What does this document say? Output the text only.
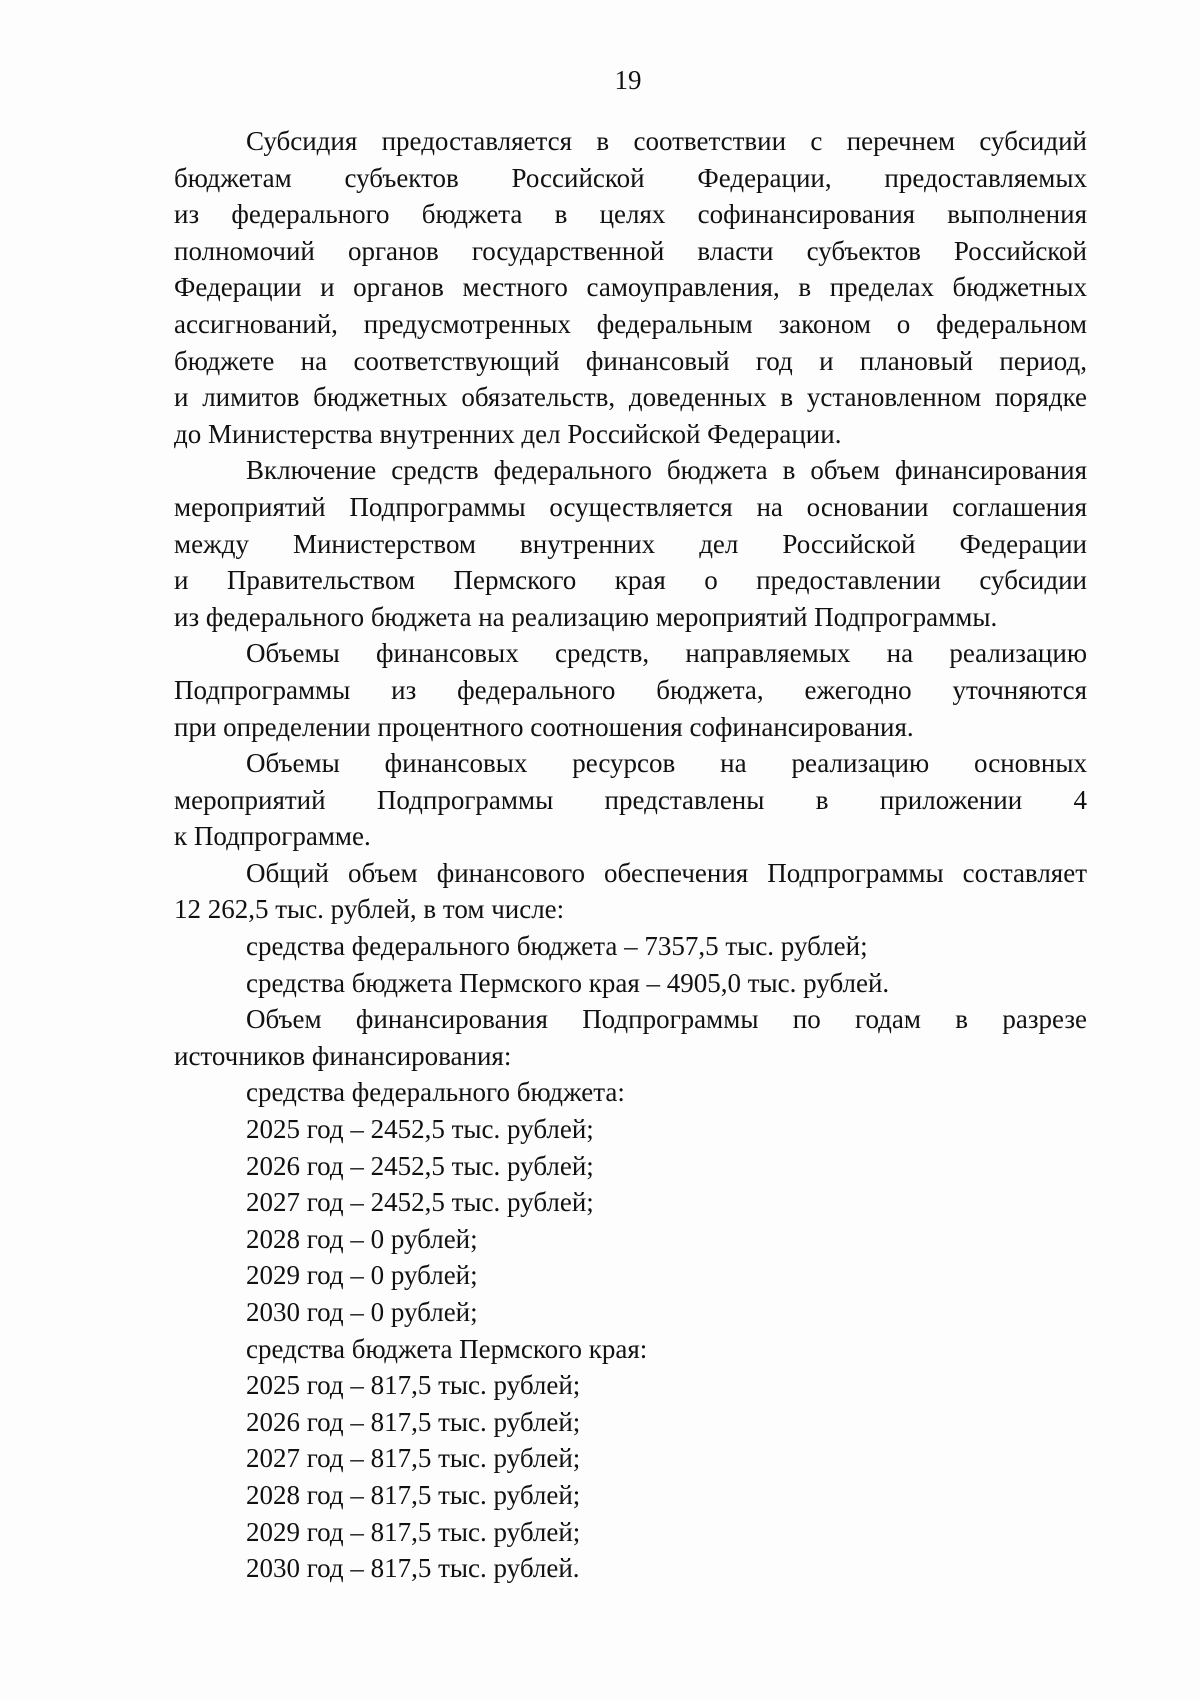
19
Субсидия предоставляется в соответствии с перечнем субсидий
бюджетам субъектов Российской Федерации, предоставляемых
из федерального бюджета в целях софинансирования выполнения
полномочий органов государственной власти субъектов Российской
Федерации и органов местного самоуправления, в пределах бюджетных
ассигнований, предусмотренных федеральным законом о федеральном
бюджете на соответствующий финансовый год и плановый период,
и лимитов бюджетных обязательств, доведенных в установленном порядке
до Министерства внутренних дел Российской Федерации.
Включение средств федерального бюджета в объем финансирования
мероприятий Подпрограммы осуществляется на основании соглашения
между Министерством внутренних дел Российской Федерации
и Правительством Пермского края о предоставлении субсидии
из федерального бюджета на реализацию мероприятий Подпрограммы.
Объемы финансовых средств, направляемых на реализацию
Подпрограммы из федерального бюджета, ежегодно уточняются
при определении процентного соотношения софинансирования.
Объемы финансовых ресурсов на реализацию основных
мероприятий Подпрограммы представлены в приложении 4
к Подпрограмме.
Общий объем финансового обеспечения Подпрограммы составляет
12 262,5 тыс. рублей, в том числе:
средства федерального бюджета – 7357,5 тыс. рублей;
средства бюджета Пермского края – 4905,0 тыс. рублей.
Объем финансирования Подпрограммы по годам в разрезе
источников финансирования:
средства федерального бюджета:
2025 год – 2452,5 тыс. рублей;
2026 год – 2452,5 тыс. рублей;
2027 год – 2452,5 тыс. рублей;
2028 год – 0 рублей;
2029 год – 0 рублей;
2030 год – 0 рублей;
средства бюджета Пермского края:
2025 год – 817,5 тыс. рублей;
2026 год – 817,5 тыс. рублей;
2027 год – 817,5 тыс. рублей;
2028 год – 817,5 тыс. рублей;
2029 год – 817,5 тыс. рублей;
2030 год – 817,5 тыс. рублей.
